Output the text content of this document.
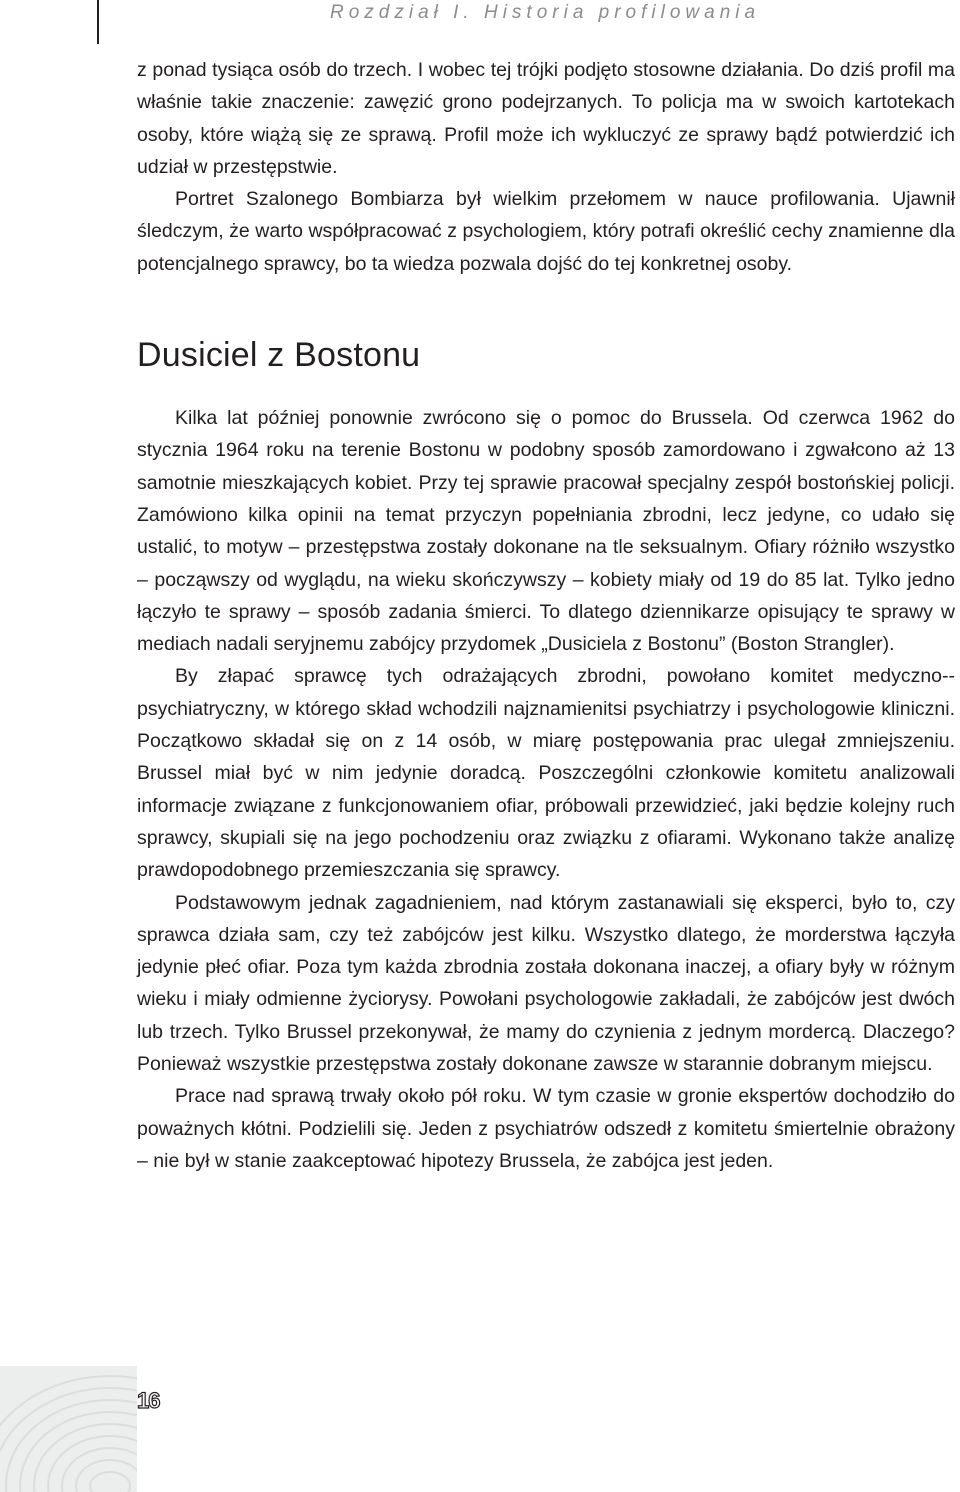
Rozdział I. Historia profilowania

z ponad tysiąca osób do trzech. I wobec tej trójki podjęto stosowne działania. Do dziś profil ma właśnie takie znaczenie: zawęzić grono podejrzanych. To policja ma w swoich kartotekach osoby, które wiążą się ze sprawą. Profil może ich wykluczyć ze sprawy bądź potwierdzić ich udział w przestępstwie.

Portret Szalonego Bombiarza był wielkim przełomem w nauce profilowania. Ujawnił śledczym, że warto współpracować z psychologiem, który potrafi określić cechy znamienne dla potencjalnego sprawcy, bo ta wiedza pozwala dojść do tej konkretnej osoby.

Dusiciel z Bostonu

Kilka lat później ponownie zwrócono się o pomoc do Brussela. Od czerwca 1962 do stycznia 1964 roku na terenie Bostonu w podobny sposób zamordowano i zgwałcono aż 13 samotnie mieszkających kobiet. Przy tej sprawie pracował specjalny zespół bostońskiej policji. Zamówiono kilka opinii na temat przyczyn popełniania zbrodni, lecz jedyne, co udało się ustalić, to motyw – przestępstwa zostały dokonane na tle seksualnym. Ofiary różniło wszystko – począwszy od wyglądu, na wieku skończywszy – kobiety miały od 19 do 85 lat. Tylko jedno łączyło te sprawy – sposób zadania śmierci. To dlatego dziennikarze opisujący te sprawy w mediach nadali seryjnemu zabójcy przydomek „Dusiciela z Bostonu” (Boston Strangler).

By złapać sprawcę tych odrażających zbrodni, powołano komitet medyczno-​-psychiatryczny, w którego skład wchodzili najznamienitsi psychiatrzy i psychologowie kliniczni. Początkowo składał się on z 14 osób, w miarę postępowania prac ulegał zmniejszeniu. Brussel miał być w nim jedynie doradcą. Poszczególni członkowie komitetu analizowali informacje związane z funkcjonowaniem ofiar, próbowali przewidzieć, jaki będzie kolejny ruch sprawcy, skupiali się na jego pochodzeniu oraz związku z ofiarami. Wykonano także analizę prawdopodobnego przemieszczania się sprawcy.

Podstawowym jednak zagadnieniem, nad którym zastanawiali się eksperci, było to, czy sprawca działa sam, czy też zabójców jest kilku. Wszystko dlatego, że morderstwa łączyła jedynie płeć ofiar. Poza tym każda zbrodnia została dokonana inaczej, a ofiary były w różnym wieku i miały odmienne życiorysy. Powołani psychologowie zakładali, że zabójców jest dwóch lub trzech. Tylko Brussel przekonywał, że mamy do czynienia z jednym mordercą. Dlaczego? Ponieważ wszystkie przestępstwa zostały dokonane zawsze w starannie dobranym miejscu.

Prace nad sprawą trwały około pół roku. W tym czasie w gronie ekspertów dochodziło do poważnych kłótni. Podzielili się. Jeden z psychiatrów odszedł z komitetu śmiertelnie obrażony – nie był w stanie zaakceptować hipotezy Brussela, że zabójca jest jeden.

16
